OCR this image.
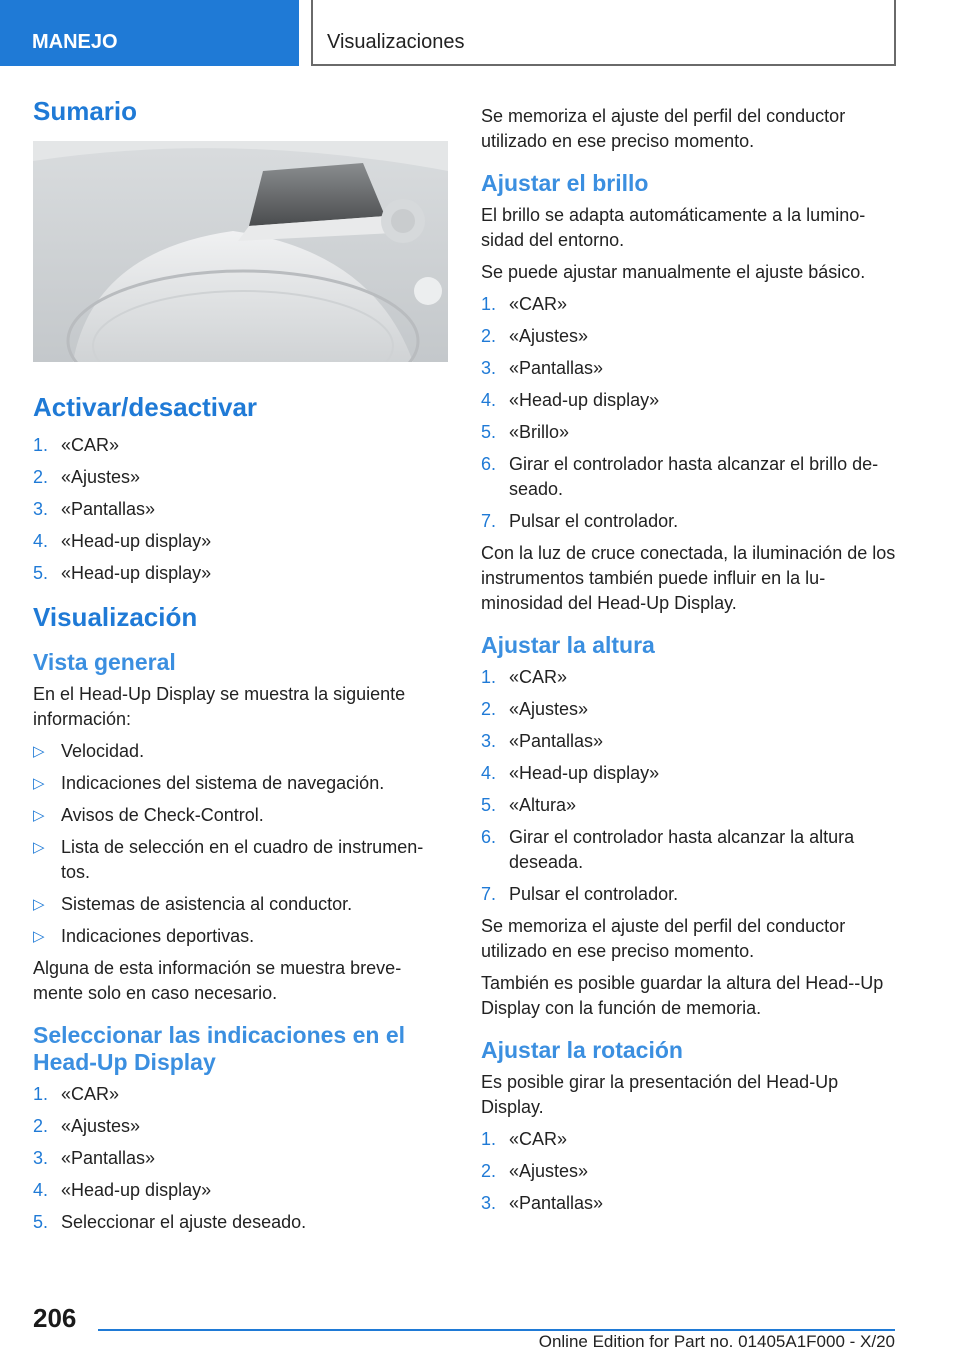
MANEJO	Visualizaciones
Sumario
Activar/desactivar
1. «CAR»
2. «Ajustes»
3. «Pantallas»
4. «Head-up display»
5. «Head-up display»
Visualización
Vista general

En el Head-Up Display se muestra la siguiente información:

▷ Velocidad.
▷ Indicaciones del sistema de navegación.
▷ Avisos de Check-Control.
▷ Lista de selección en el cuadro de instrumen‐tos.
▷ Sistemas de asistencia al conductor.
▷ Indicaciones deportivas.

Alguna de esta información se muestra breve‐mente solo en caso necesario.

Seleccionar las indicaciones en el Head-Up Display
1. «CAR»
2. «Ajustes»
3. «Pantallas»
4. «Head-up display»
5. Seleccionar el ajuste deseado.

Se memoriza el ajuste del perfil del conductor utilizado en ese preciso momento.

Ajustar el brillo

El brillo se adapta automáticamente a la lumino‐sidad del entorno.

Se puede ajustar manualmente el ajuste básico.

1. «CAR»
2. «Ajustes»
3. «Pantallas»
4. «Head-up display»
5. «Brillo»
6. Girar el controlador hasta alcanzar el brillo de‐seado.
7. Pulsar el controlador.

Con la luz de cruce conectada, la iluminación de los instrumentos también puede influir en la lu‐minosidad del Head-Up Display.

Ajustar la altura
1. «CAR»
2. «Ajustes»
3. «Pantallas»
4. «Head-up display»
5. «Altura»
6. Girar el controlador hasta alcanzar la altura deseada.
7. Pulsar el controlador.

Se memoriza el ajuste del perfil del conductor utilizado en ese preciso momento.

También es posible guardar la altura del Head-‐Up Display con la función de memoria.

Ajustar la rotación

Es posible girar la presentación del Head-Up Display.

1. «CAR»
2. «Ajustes»
3. «Pantallas»
206
Online Edition for Part no. 01405A1F000 - X/20
